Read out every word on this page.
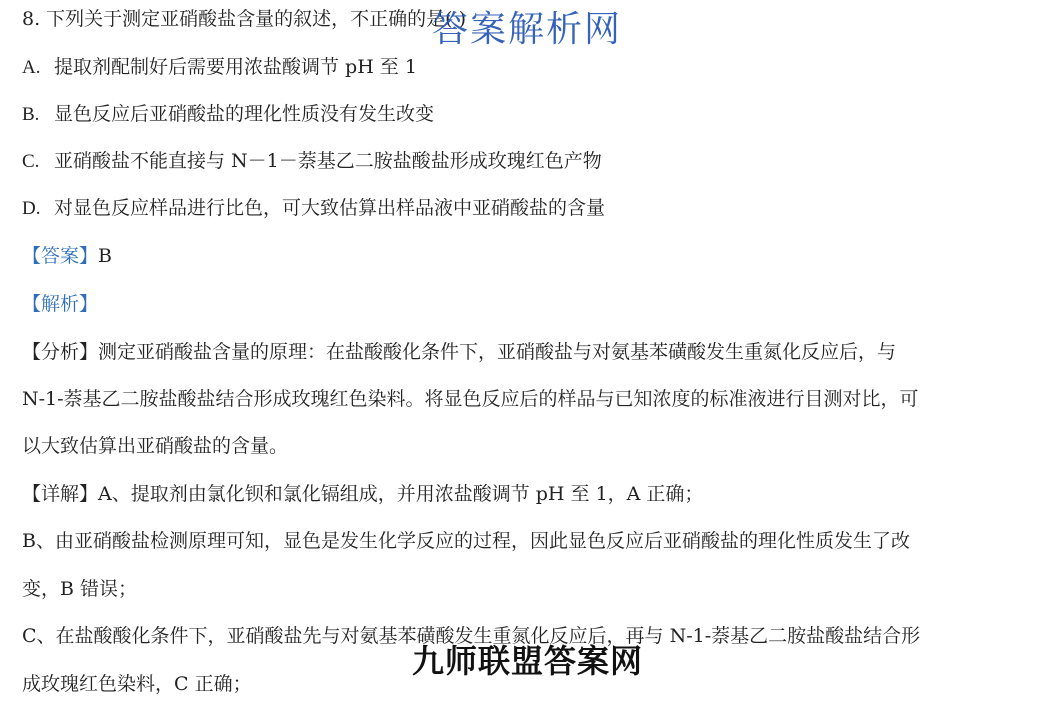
8. 下列关于测定亚硝酸盐含量的叙述，不正确的是( )
A. 提取剂配制好后需要用浓盐酸调节 pH 至 1
B. 显色反应后亚硝酸盐的理化性质没有发生改变
C. 亚硝酸盐不能直接与 N－1－萘基乙二胺盐酸盐形成玫瑰红色产物
D. 对显色反应样品进行比色，可大致估算出样品液中亚硝酸盐的含量
【答案】B
【解析】
【分析】测定亚硝酸盐含量的原理：在盐酸酸化条件下，亚硝酸盐与对氨基苯磺酸发生重氮化反应后，与
N-1-萘基乙二胺盐酸盐结合形成玫瑰红色染料。将显色反应后的样品与已知浓度的标准液进行目测对比，可
以大致估算出亚硝酸盐的含量。
【详解】A、提取剂由氯化钡和氯化镉组成，并用浓盐酸调节 pH 至 1，A 正确；
B、由亚硝酸盐检测原理可知，显色是发生化学反应的过程，因此显色反应后亚硝酸盐的理化性质发生了改
变，B 错误；
C、在盐酸酸化条件下，亚硝酸盐先与对氨基苯磺酸发生重氮化反应后，再与 N-1-萘基乙二胺盐酸盐结合形
成玫瑰红色染料，C 正确；
答案解析网
九师联盟答案网
